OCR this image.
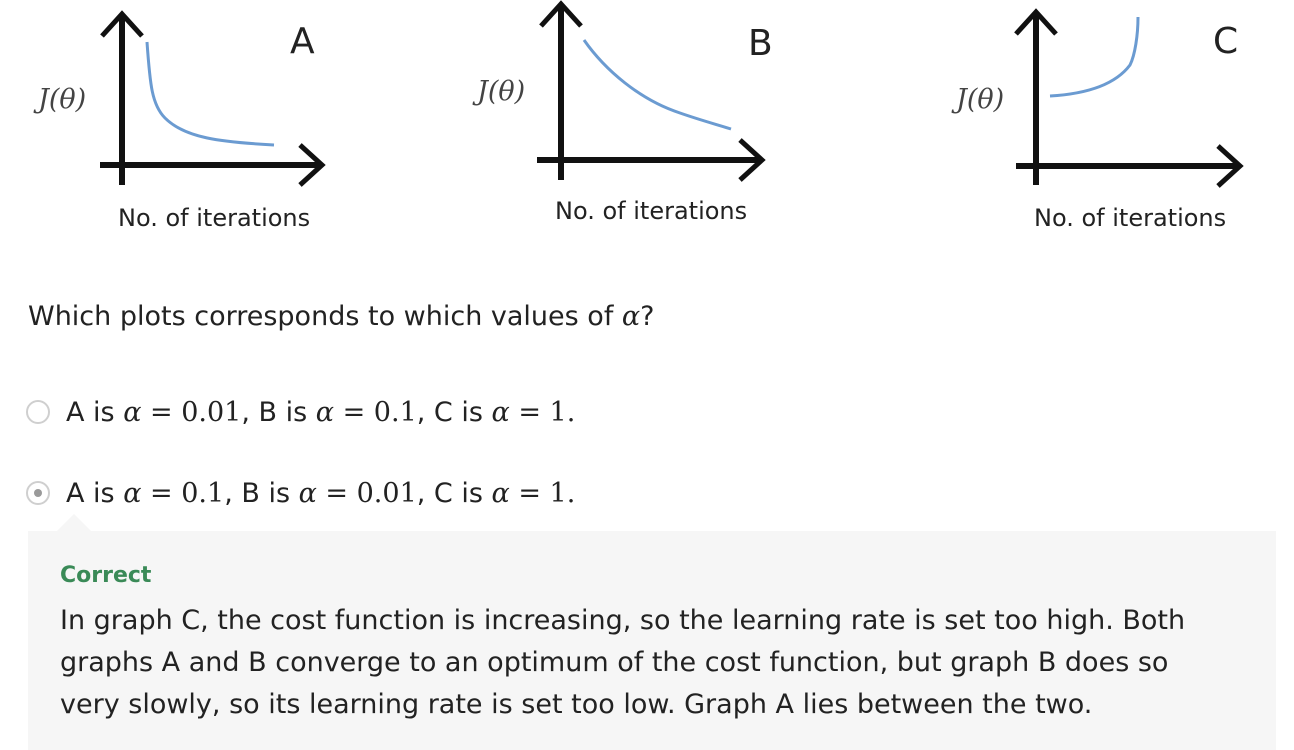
A
J(θ)
No. of iterations
B
J(θ)
No. of iterations
C
J(θ)
No. of iterations
Which plots corresponds to which values of α?
A is α = 0.01, B is α = 0.1, C is α = 1.
A is α = 0.1, B is α = 0.01, C is α = 1.
Correct
In graph C, the cost function is increasing, so the learning rate is set too high. Both graphs A and B converge to an optimum of the cost function, but graph B does so very slowly, so its learning rate is set too low. Graph A lies between the two.
